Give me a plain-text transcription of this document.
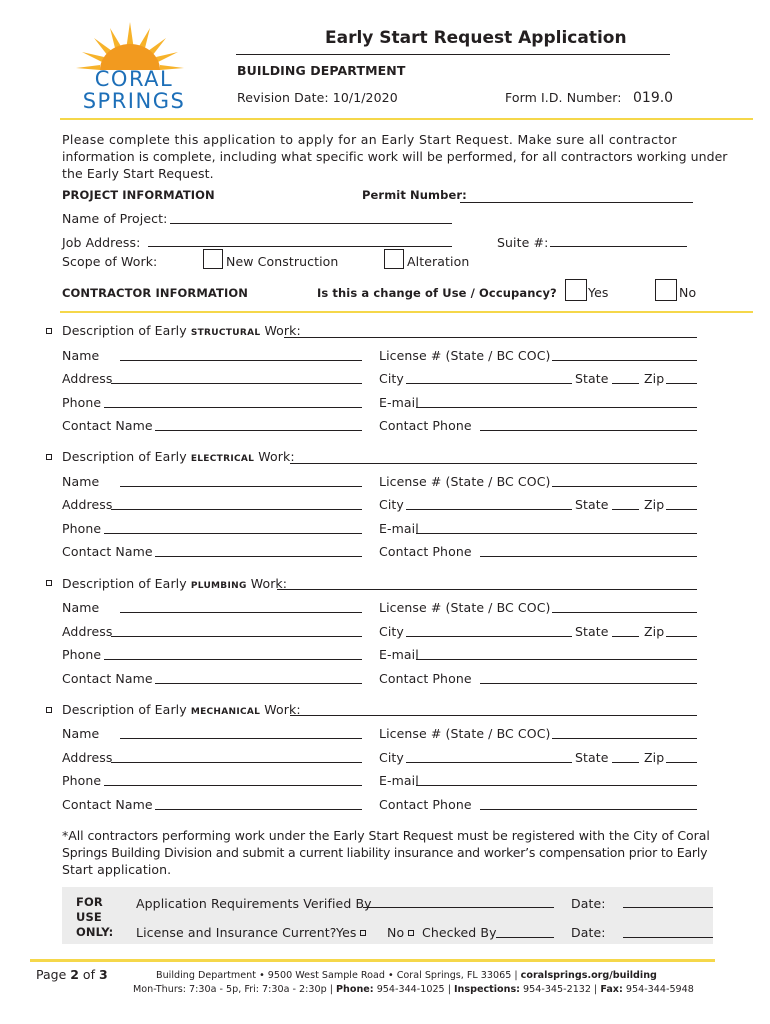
CORAL
SPRINGS
Early Start Request Application
BUILDING DEPARTMENT
Revision Date: 10/1/2020	Form I.D. Number: 019.0
Please complete this application to apply for an Early Start Request. Make sure all contractor
information is complete, including what specific work will be performed, for all contractors working under
the Early Start Request.
PROJECT INFORMATION	Permit Number:
Name of Project:
Job Address:	Suite #:
Scope of Work:	New Construction	Alteration
CONTRACTOR INFORMATION	Is this a change of Use / Occupancy? Yes	No
Description of Early STRUCTURAL Work:
Name	License # (State / BC COC)
Address	City	State	Zip
Phone	E-mail
Contact Name	Contact Phone
Description of Early ELECTRICAL Work:
Name	License # (State / BC COC)
Address	City	State	Zip
Phone	E-mail
Contact Name	Contact Phone
Description of Early PLUMBING Work:
Name	License # (State / BC COC)
Address	City	State	Zip
Phone	E-mail
Contact Name	Contact Phone
Description of Early MECHANICAL Work:
Name	License # (State / BC COC)
Address	City	State	Zip
Phone	E-mail
Contact Name	Contact Phone
*All contractors performing work under the Early Start Request must be registered with the City of Coral
Springs Building Division and submit a current liability insurance and worker’s compensation prior to Early
Start application.
FOR
USE
ONLY:
Application Requirements Verified By	Date:
License and Insurance Current? Yes No Checked By	Date:
Page 2 of 3	Building Department • 9500 West Sample Road • Coral Springs, FL 33065 | coralsprings.org/building
Mon-Thurs: 7:30a - 5p, Fri: 7:30a - 2:30p | Phone: 954-344-1025 | Inspections: 954-345-2132 | Fax: 954-344-5948
